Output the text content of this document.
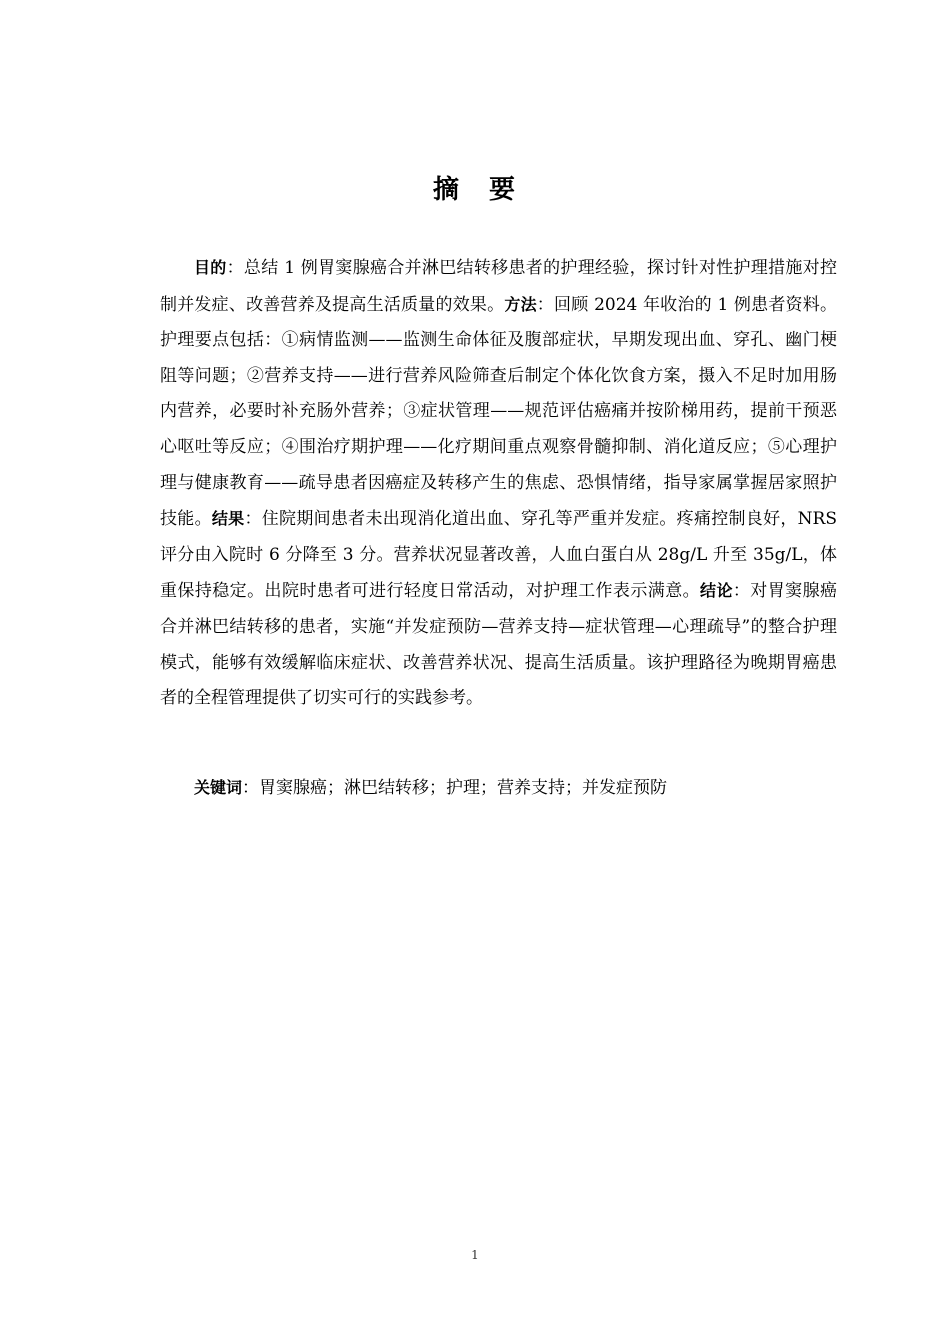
摘 要

目的：总结 1 例胃窦腺癌合并淋巴结转移患者的护理经验，探讨针对性护理措施对控制并发症、改善营养及提高生活质量的效果。方法：回顾 2024 年收治的 1 例患者资料。护理要点包括：①病情监测——监测生命体征及腹部症状，早期发现出血、穿孔、幽门梗阻等问题；②营养支持——进行营养风险筛查后制定个体化饮食方案，摄入不足时加用肠内营养，必要时补充肠外营养；③症状管理——规范评估癌痛并按阶梯用药，提前干预恶心呕吐等反应；④围治疗期护理——化疗期间重点观察骨髓抑制、消化道反应；⑤心理护理与健康教育——疏导患者因癌症及转移产生的焦虑、恐惧情绪，指导家属掌握居家照护技能。结果：住院期间患者未出现消化道出血、穿孔等严重并发症。疼痛控制良好，NRS 评分由入院时 6 分降至 3 分。营养状况显著改善，人血白蛋白从 28g/L 升至 35g/L，体重保持稳定。出院时患者可进行轻度日常活动，对护理工作表示满意。结论：对胃窦腺癌合并淋巴结转移的患者，实施“并发症预防—营养支持—症状管理—心理疏导”的整合护理模式，能够有效缓解临床症状、改善营养状况、提高生活质量。该护理路径为晚期胃癌患者的全程管理提供了切实可行的实践参考。

关键词：胃窦腺癌；淋巴结转移；护理；营养支持；并发症预防

1
